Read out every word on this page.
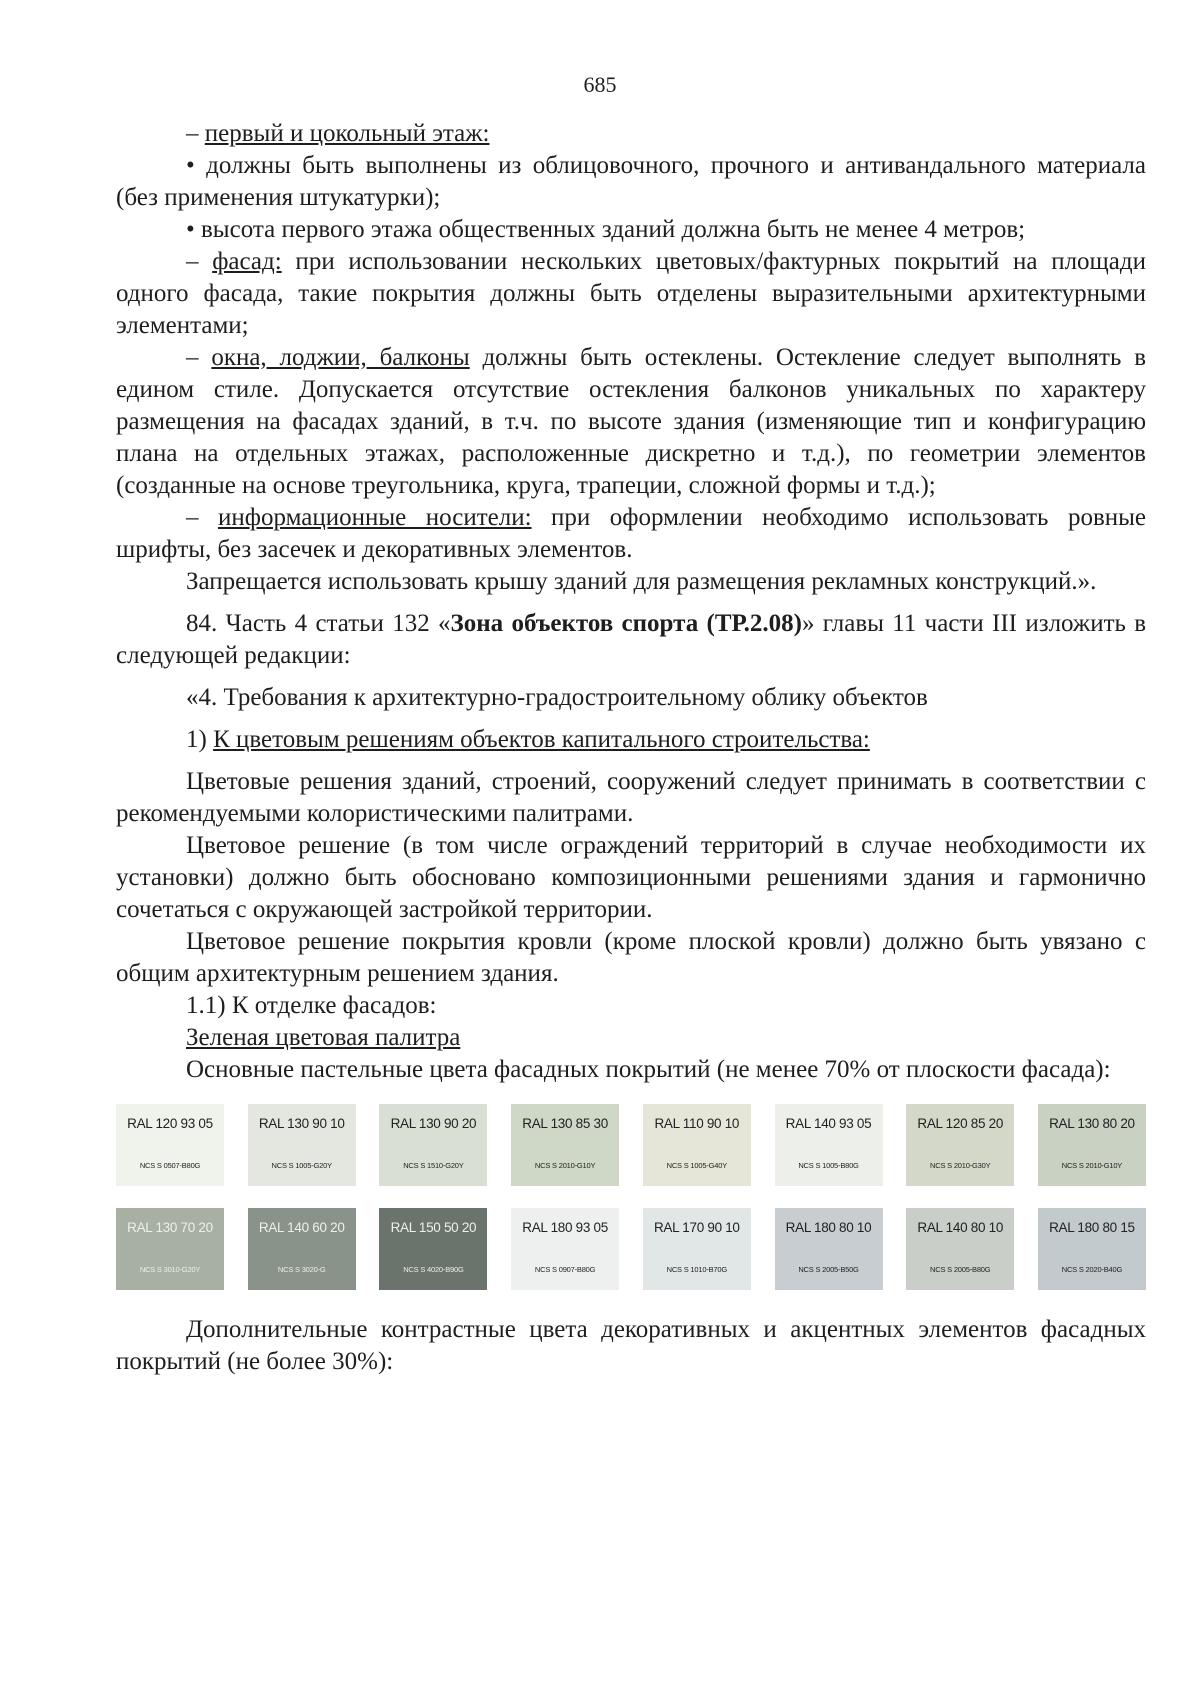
685

– первый и цокольный этаж:

• должны быть выполнены из облицовочного, прочного и антивандального материала (без применения штукатурки);

• высота первого этажа общественных зданий должна быть не менее 4 метров;

– фасад: при использовании нескольких цветовых/фактурных покрытий на площади одного фасада, такие покрытия должны быть отделены выразительными архитектурными элементами;

– окна, лоджии, балконы должны быть остеклены. Остекление следует выполнять в едином стиле. Допускается отсутствие остекления балконов уникальных по характеру размещения на фасадах зданий, в т.ч. по высоте здания (изменяющие тип и конфигурацию плана на отдельных этажах, расположенные дискретно и т.д.), по геометрии элементов (созданные на основе треугольника, круга, трапеции, сложной формы и т.д.);

– информационные носители: при оформлении необходимо использовать ровные шрифты, без засечек и декоративных элементов.

Запрещается использовать крышу зданий для размещения рекламных конструкций.».

84. Часть 4 статьи 132 «Зона объектов спорта (ТР.2.08)» главы 11 части III изложить в следующей редакции:

«4. Требования к архитектурно-градостроительному облику объектов

1) К цветовым решениям объектов капитального строительства:

Цветовые решения зданий, строений, сооружений следует принимать в соответствии с рекомендуемыми колористическими палитрами.

Цветовое решение (в том числе ограждений территорий в случае необходимости их установки) должно быть обосновано композиционными решениями здания и гармонично сочетаться с окружающей застройкой территории.

Цветовое решение покрытия кровли (кроме плоской кровли) должно быть увязано с общим архитектурным решением здания.

1.1) К отделке фасадов:

Зеленая цветовая палитра

Основные пастельные цвета фасадных покрытий (не менее 70% от плоскости фасада):

RAL 120 93 05
NCS S 0507-B80G
RAL 130 90 10
NCS S 1005-G20Y
RAL 130 90 20
NCS S 1510-G20Y
RAL 130 85 30
NCS S 2010-G10Y
RAL 110 90 10
NCS S 1005-G40Y
RAL 140 93 05
NCS S 1005-B80G
RAL 120 85 20
NCS S 2010-G30Y
RAL 130 80 20
NCS S 2010-G10Y
RAL 130 70 20
NCS S 3010-G20Y
RAL 140 60 20
NCS S 3020-G
RAL 150 50 20
NCS S 4020-B90G
RAL 180 93 05
NCS S 0907-B80G
RAL 170 90 10
NCS S 1010-B70G
RAL 180 80 10
NCS S 2005-B50G
RAL 140 80 10
NCS S 2005-B80G
RAL 180 80 15
NCS S 2020-B40G

Дополнительные контрастные цвета декоративных и акцентных элементов фасадных покрытий (не более 30%):
